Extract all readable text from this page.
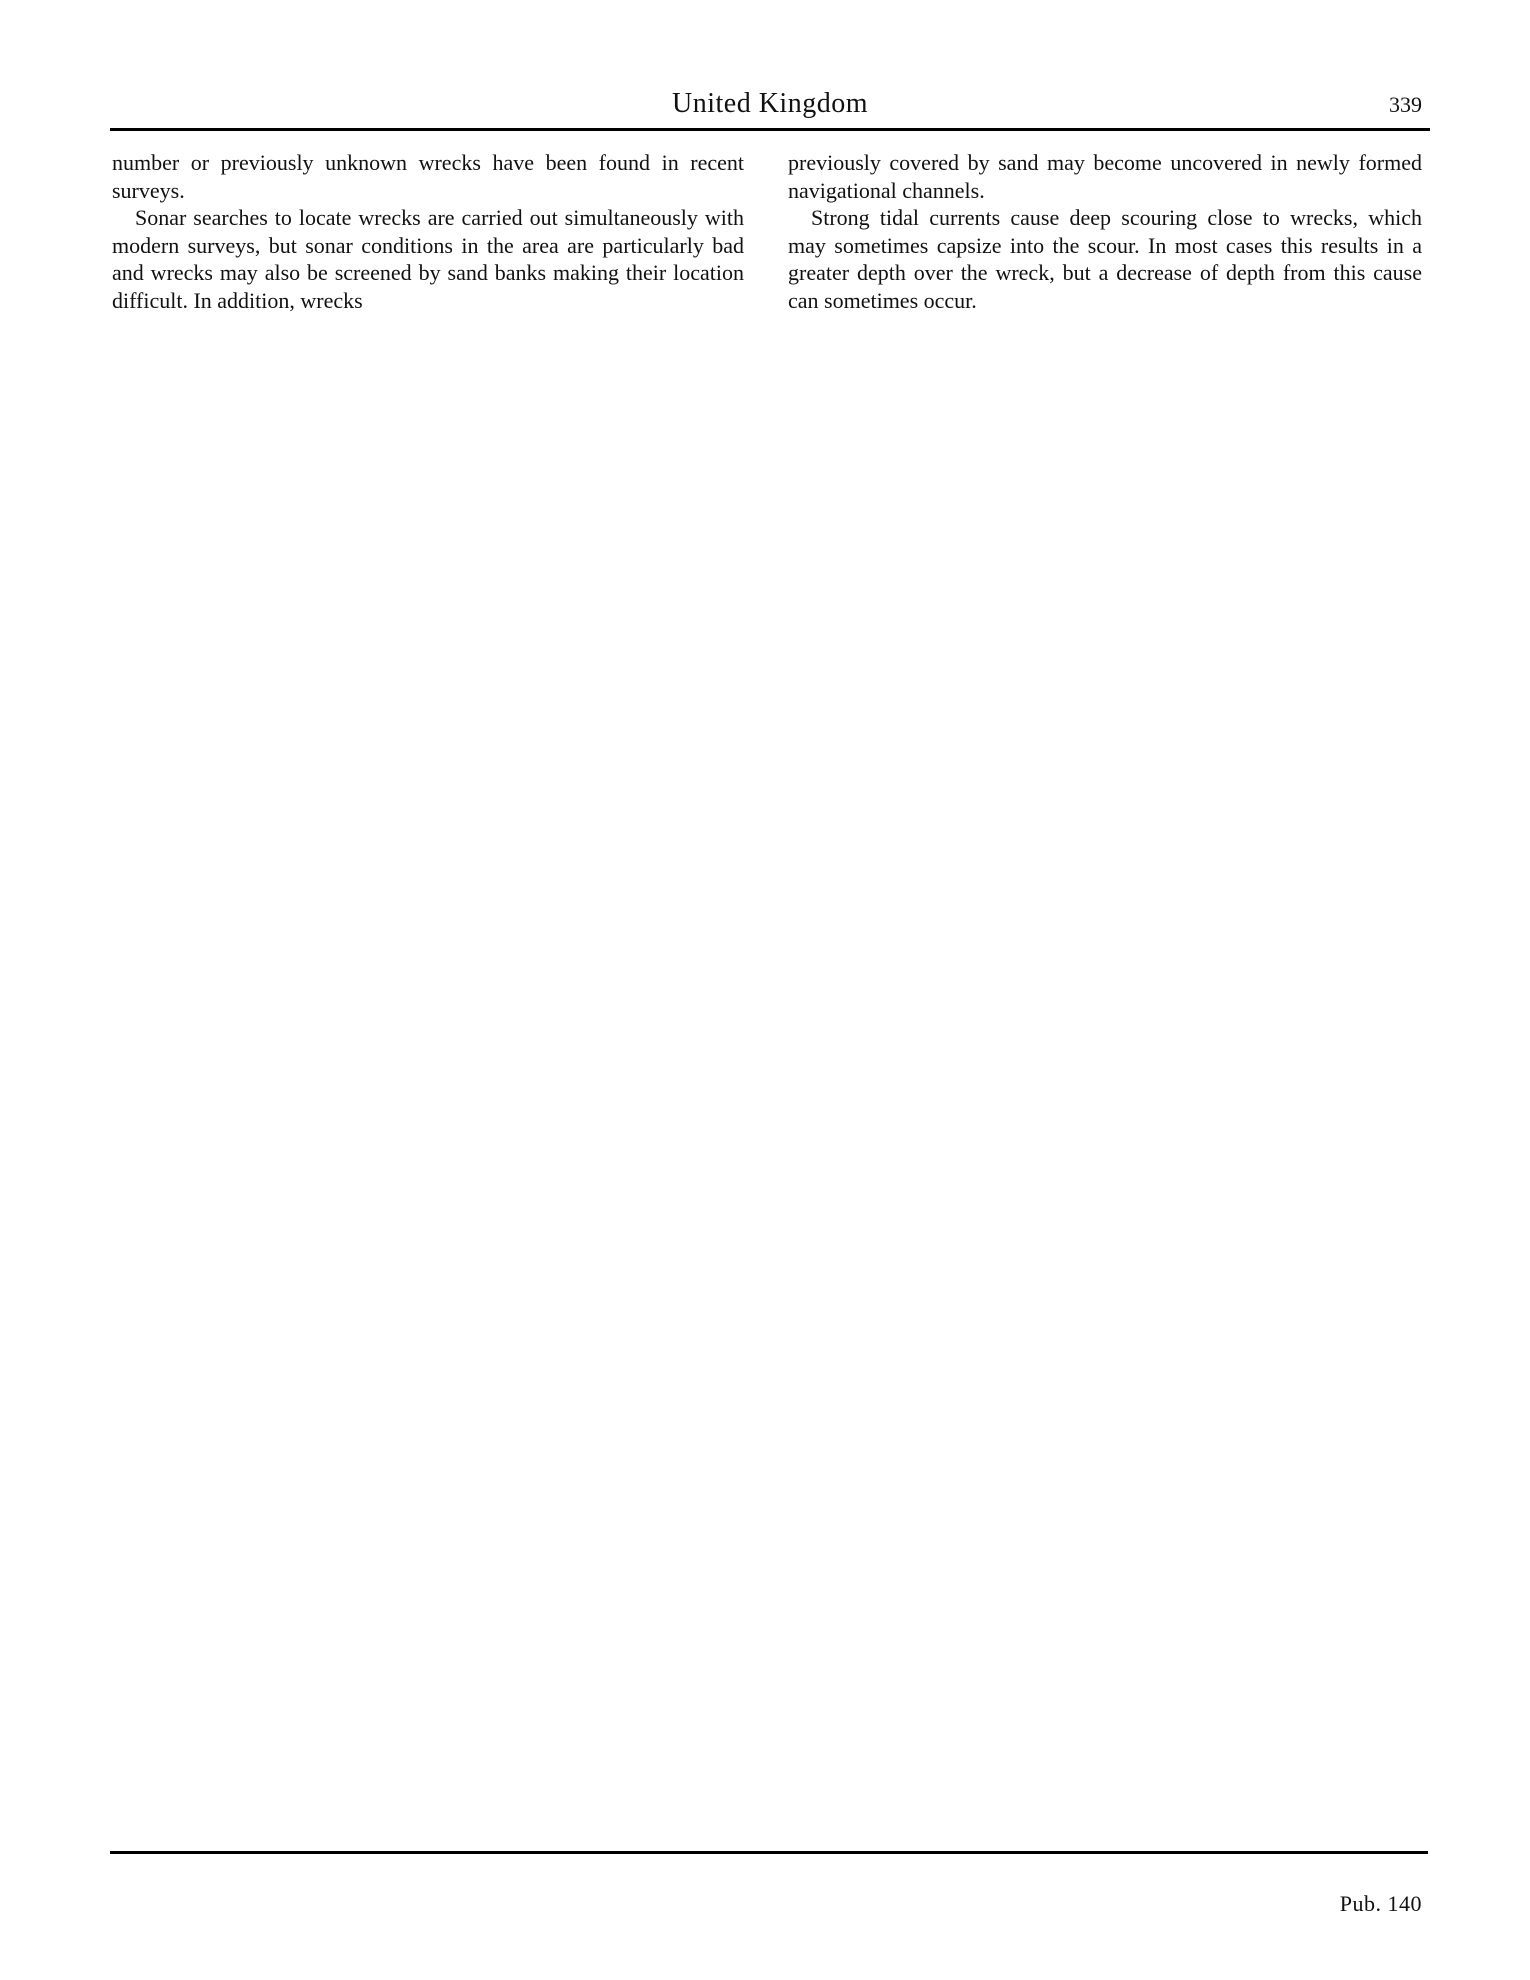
United Kingdom	339

number or previously unknown wrecks have been found in recent surveys.

Sonar searches to locate wrecks are carried out simultaneously with modern surveys, but sonar conditions in the area are particularly bad and wrecks may also be screened by sand banks making their location difficult. In addition, wrecks

previously covered by sand may become uncovered in newly formed navigational channels.

Strong tidal currents cause deep scouring close to wrecks, which may sometimes capsize into the scour. In most cases this results in a greater depth over the wreck, but a decrease of depth from this cause can sometimes occur.

Pub. 140
